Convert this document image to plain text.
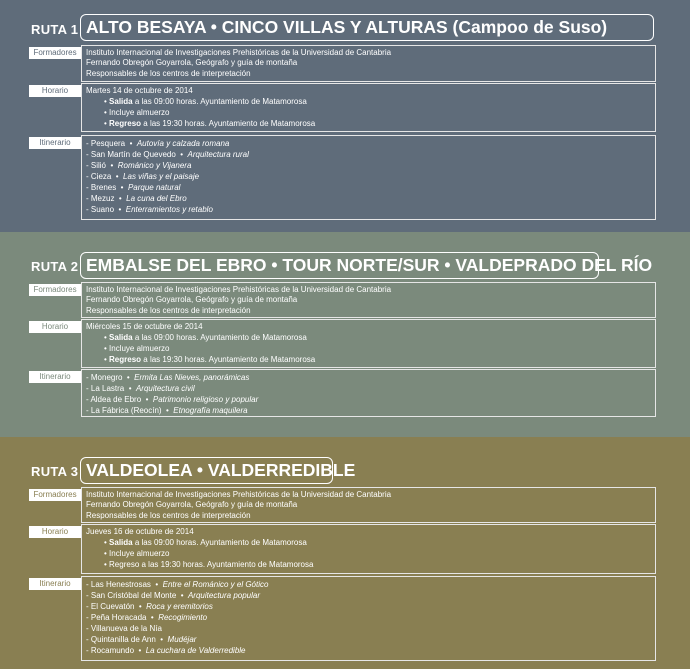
RUTA 1 ALTO BESAYA • CINCO VILLAS Y ALTURAS (Campoo de Suso)
Formadores	Instituto Internacional de Investigaciones Prehistóricas de la Universidad de Cantabria
Fernando Obregón Goyarrola, Geógrafo y guía de montaña
Responsables de los centros de interpretación
Horario	Martes 14 de octubre de 2014
• Salida a las 09:00 horas. Ayuntamiento de Matamorosa
• Incluye almuerzo
• Regreso a las 19:30 horas. Ayuntamiento de Matamorosa
Itinerario	- Pesquera  •  Autovía y calzada romana
- San Martín de Quevedo  •  Arquitectura rural
- Silió  •  Románico y Vijanera
- Cieza  •  Las viñas y el paisaje
- Brenes  •  Parque natural
- Mezuz  •  La cuna del Ebro
- Suano  •  Enterramientos y retablo
RUTA 2 EMBALSE DEL EBRO • TOUR NORTE/SUR • VALDEPRADO DEL RÍO
Formadores	Instituto Internacional de Investigaciones Prehistóricas de la Universidad de Cantabria
Fernando Obregón Goyarrola, Geógrafo y guía de montaña
Responsables de los centros de interpretación
Horario	Miércoles 15 de octubre de 2014
• Salida a las 09:00 horas. Ayuntamiento de Matamorosa
• Incluye almuerzo
• Regreso a las 19:30 horas. Ayuntamiento de Matamorosa
Itinerario	- Monegro  •  Ermita Las Nieves, panorámicas
- La Lastra  •  Arquitectura civil
- Aldea de Ebro  •  Patrimonio religioso y popular
- La Fábrica (Reocín)  •  Etnografía maquilera
RUTA 3 VALDEOLEA • VALDERREDIBLE
Formadores	Instituto Internacional de Investigaciones Prehistóricas de la Universidad de Cantabria
Fernando Obregón Goyarrola, Geógrafo y guía de montaña
Responsables de los centros de interpretación
Horario	Jueves 16 de octubre de 2014
• Salida a las 09:00 horas. Ayuntamiento de Matamorosa
• Incluye almuerzo
• Regreso a las 19:30 horas. Ayuntamiento de Matamorosa
Itinerario	- Las Henestrosas  •  Entre el Románico y el Gótico
- San Cristóbal del Monte  •  Arquitectura popular
- El Cuevatón  •  Roca y eremitorios
- Peña Horacada  •  Recogimiento
- Villanueva de la Nía
- Quintanilla de Ann  •  Mudéjar
- Rocamundo  •  La cuchara de Valderredible
